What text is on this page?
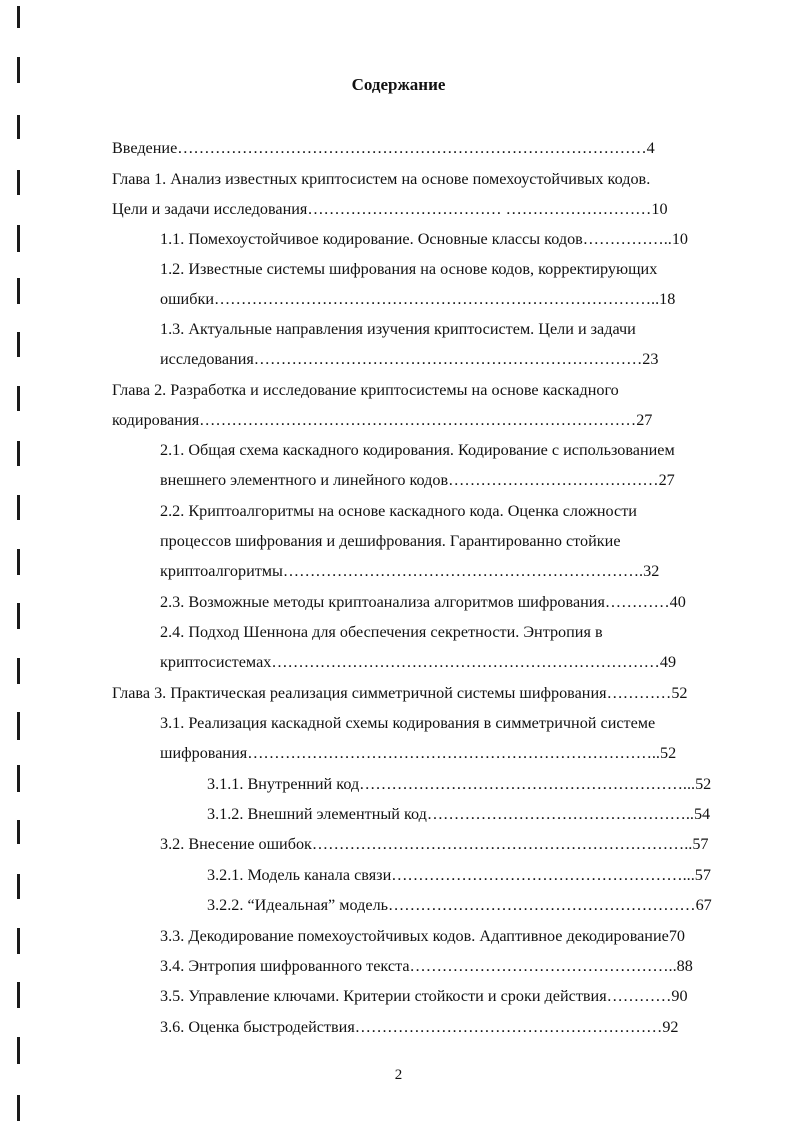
Содержание
Введение……………………………………………………………………………4
Глава 1. Анализ известных криптосистем на основе помехоустойчивых кодов.
Цели и задачи исследования……………………………… ………………………10
1.1. Помехоустойчивое кодирование. Основные классы кодов……………..10
1.2. Известные системы шифрования на основе кодов, корректирующих
ошибки………………………………………………………………………..18
1.3. Актуальные направления изучения криптосистем. Цели и задачи
исследования………………………………………………………………23
Глава 2. Разработка и исследование криптосистемы на основе каскадного
кодирования………………………………………………………………………27
2.1. Общая схема каскадного кодирования. Кодирование с использованием
внешнего элементного и линейного кодов…………………………………27
2.2. Криптоалгоритмы на основе каскадного кода. Оценка сложности
процессов шифрования и дешифрования. Гарантированно стойкие
криптоалгоритмы………………………………………………………….32
2.3. Возможные методы криптоанализа алгоритмов шифрования…………40
2.4. Подход Шеннона для обеспечения секретности. Энтропия в
криптосистемах………………………………………………………………49
Глава 3. Практическая реализация симметричной системы шифрования…………52
3.1. Реализация каскадной схемы кодирования в симметричной системе
шифрования…………………………………………………………………..52
3.1.1. Внутренний код……………………………………………………...52
3.1.2. Внешний элементный код…………………………………………..54
3.2. Внесение ошибок……………………………………………………………..57
3.2.1. Модель канала связи………………………………………………...57
3.2.2. “Идеальная” модель…………………………………………………67
3.3. Декодирование помехоустойчивых кодов. Адаптивное декодирование70
3.4. Энтропия шифрованного текста…………………………………………..88
3.5. Управление ключами. Критерии стойкости и сроки действия…………90
3.6. Оценка быстродействия…………………………………………………92
2
